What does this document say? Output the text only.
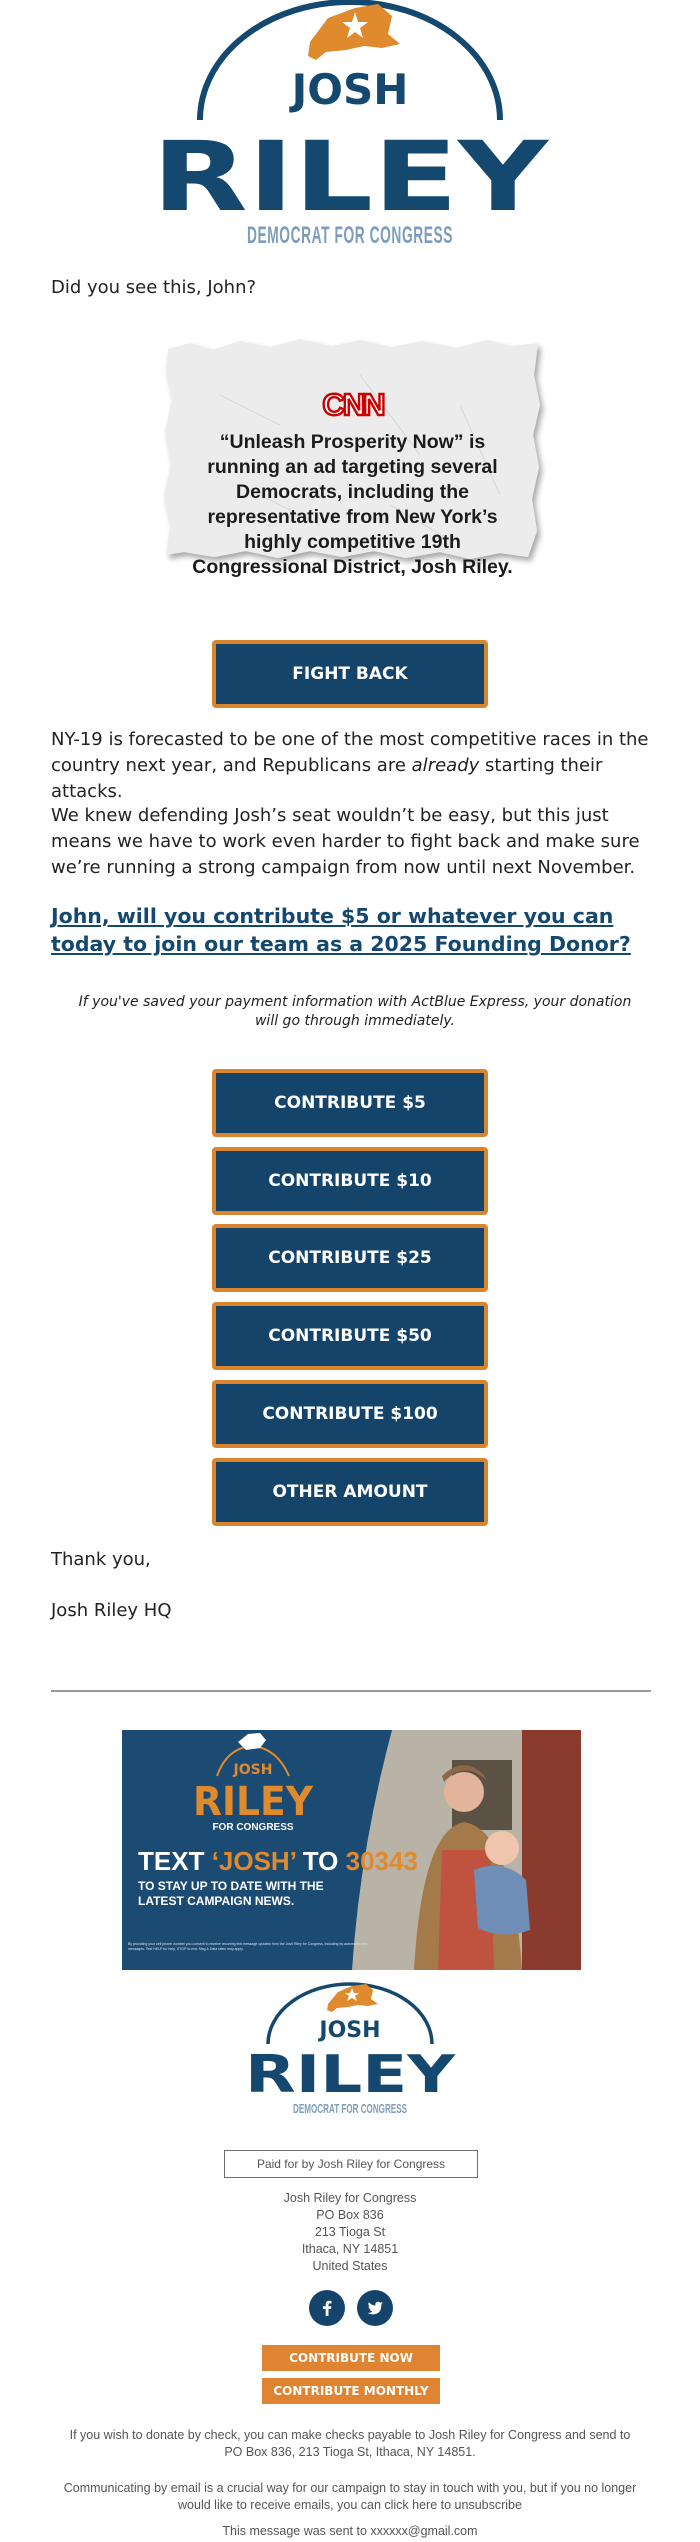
JOSH
RILEY
DEMOCRAT FOR CONGRESS
Did you see this, John?
CNN
“Unleash Prosperity Now” is running an ad targeting several Democrats, including the representative from New York’s highly competitive 19th Congressional District, Josh Riley.
FIGHT BACK
NY-19 is forecasted to be one of the most competitive races in the country next year, and Republicans are already starting their attacks.
We knew defending Josh’s seat wouldn’t be easy, but this just means we have to work even harder to fight back and make sure we’re running a strong campaign from now until next November.
John, will you contribute $5 or whatever you can today to join our team as a 2025 Founding Donor?
If you've saved your payment information with ActBlue Express, your donation will go through immediately.
CONTRIBUTE $5
CONTRIBUTE $10
CONTRIBUTE $25
CONTRIBUTE $50
CONTRIBUTE $100
OTHER AMOUNT
Thank you,
Josh Riley HQ
JOSH
RILEY
FOR CONGRESS
TEXT ‘JOSH’ TO 30343
TO STAY UP TO DATE WITH THE
LATEST CAMPAIGN NEWS.
By providing your cell phone number you consent to receive recurring text message updates from the Josh Riley for Congress, including by automated text messages. Text HELP for help, STOP to end. Msg & Data rates may apply.
JOSH
RILEY
DEMOCRAT FOR CONGRESS
Paid for by Josh Riley for Congress
Josh Riley for Congress
PO Box 836
213 Tioga St
Ithaca, NY 14851
United States
CONTRIBUTE NOW
CONTRIBUTE MONTHLY
If you wish to donate by check, you can make checks payable to Josh Riley for Congress and send to PO Box 836, 213 Tioga St, Ithaca, NY 14851.
Communicating by email is a crucial way for our campaign to stay in touch with you, but if you no longer would like to receive emails, you can click here to unsubscribe
This message was sent to xxxxxx@gmail.com
